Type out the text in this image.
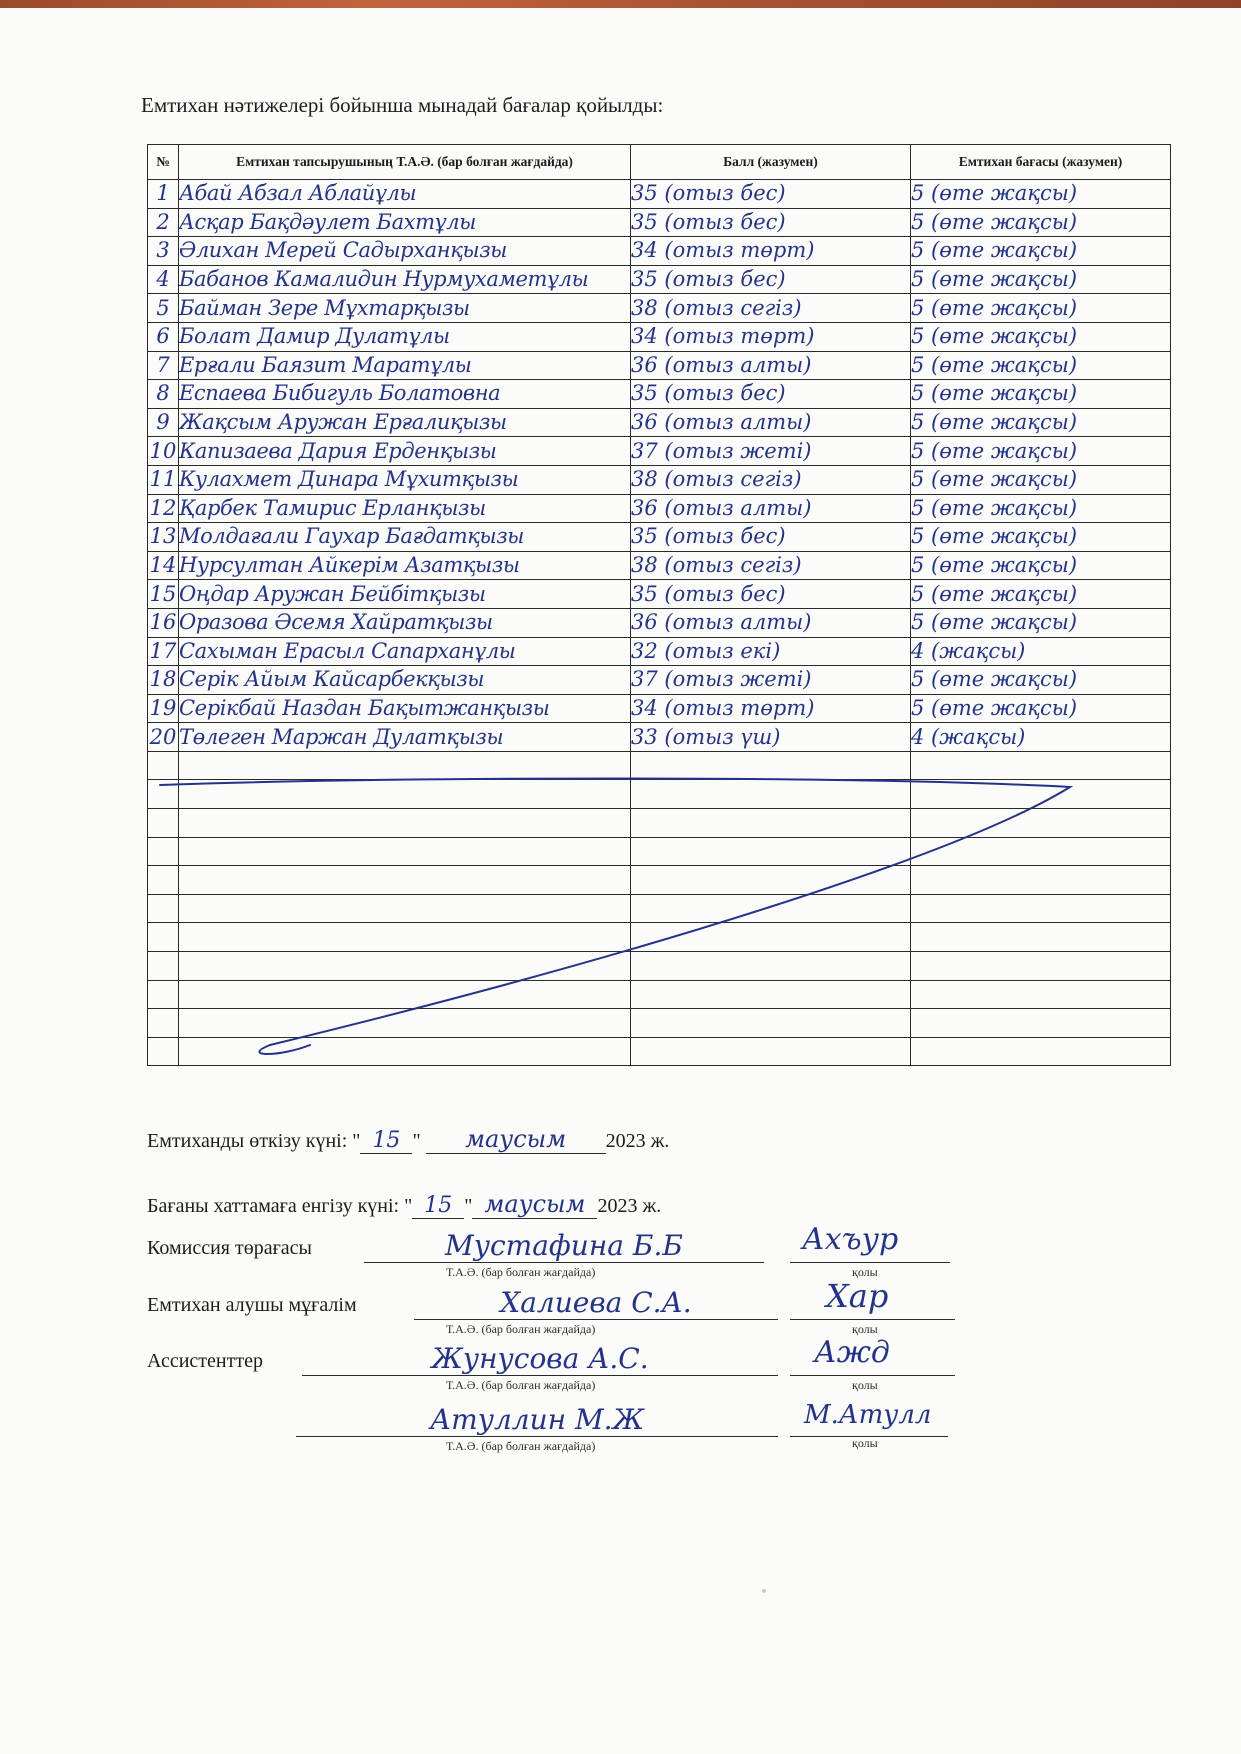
Емтихан нәтижелері бойынша мынадай бағалар қойылды:
№	Емтихан тапсырушының Т.А.Ә. (бар болған жағдайда)	Балл (жазумен)	Емтихан бағасы (жазумен)
1	Абай Абзал Аблайұлы	35 (отыз бес)	5 (өте жақсы)
2	Асқар Бақдәулет Бахтұлы	35 (отыз бес)	5 (өте жақсы)
3	Әлихан Мерей Садырханқызы	34 (отыз төрт)	5 (өте жақсы)
4	Бабанов Камалидин Нурмухаметұлы	35 (отыз бес)	5 (өте жақсы)
5	Байман Зере Мұхтарқызы	38 (отыз сегіз)	5 (өте жақсы)
6	Болат Дамир Дулатұлы	34 (отыз төрт)	5 (өте жақсы)
7	Ерғали Баязит Маратұлы	36 (отыз алты)	5 (өте жақсы)
8	Еспаева Бибигуль Болатовна	35 (отыз бес)	5 (өте жақсы)
9	Жақсым Аружан Ерғалиқызы	36 (отыз алты)	5 (өте жақсы)
10	Капизаева Дария Ерденқызы	37 (отыз жеті)	5 (өте жақсы)
11	Кулахмет Динара Мұхитқызы	38 (отыз сегіз)	5 (өте жақсы)
12	Қарбек Тамирис Ерланқызы	36 (отыз алты)	5 (өте жақсы)
13	Молдағали Гаухар Бағдатқызы	35 (отыз бес)	5 (өте жақсы)
14	Нурсултан Айкерім Азатқызы	38 (отыз сегіз)	5 (өте жақсы)
15	Оңдар Аружан Бейбітқызы	35 (отыз бес)	5 (өте жақсы)
16	Оразова Әсемя Хайратқызы	36 (отыз алты)	5 (өте жақсы)
17	Сахыман Ерасыл Сапарханұлы	32 (отыз екі)	4 (жақсы)
18	Серік Айым Кайсарбекқызы	37 (отыз жеті)	5 (өте жақсы)
19	Серікбай Наздан Бақытжанқызы	34 (отыз төрт)	5 (өте жақсы)
20	Төлеген Маржан Дулатқызы	33 (отыз үш)	4 (жақсы)

Емтиханды өткізу күні: " 15 " маусым 2023 ж.
Бағаны хаттамаға енгізу күні: " 15 " маусым 2023 ж.
Комиссия төрағасы	Мустафина Б.Б
Т.А.Ә. (бар болған жағдайда)
Ахъур
қолы
Емтихан алушы мұғалім	Халиева С.А.
Т.А.Ә. (бар болған жағдайда)
Хар
қолы
Ассистенттер	Жунусова А.С.
Т.А.Ә. (бар болған жағдайда)
Ажд
қолы
Атуллин М.Ж
Т.А.Ә. (бар болған жағдайда)
М.Атулл
қолы
